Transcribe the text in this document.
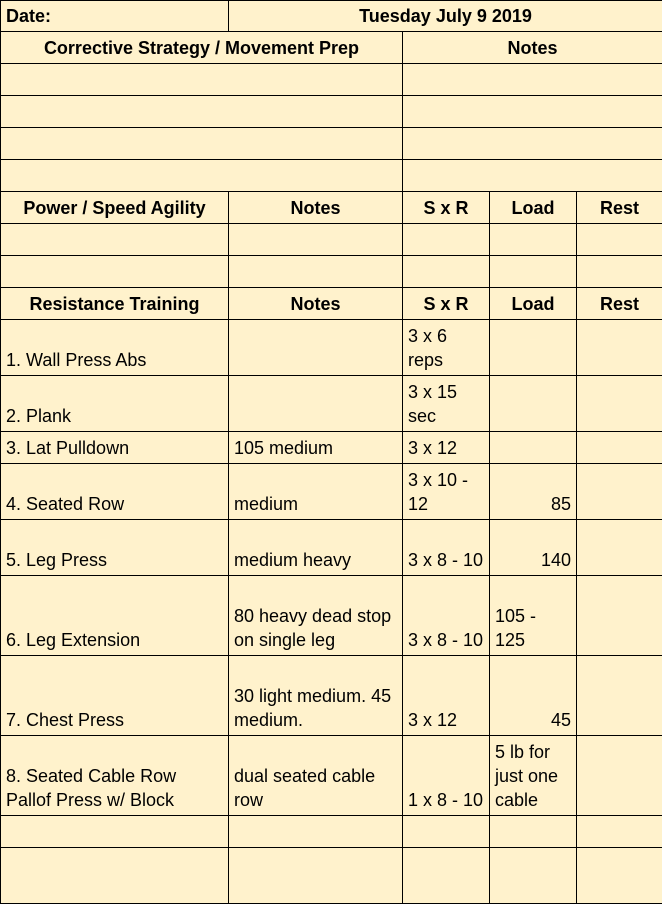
Date:	Tuesday July 9 2019			
Corrective Strategy / Movement Prep		Notes		

Power / Speed Agility	Notes	S x R	Load	Rest

Resistance Training	Notes	S x R	Load	Rest
1. Wall Press Abs		3 x 6 reps		
2. Plank		3 x 15 sec		
3. Lat Pulldown	105 medium	3 x 12		
4. Seated Row	medium	3 x 10 - 12	85	
5. Leg Press	medium heavy	3 x 8 - 10	140	
6. Leg Extension	80 heavy dead stop on single leg	3 x 8 - 10	105 - 125	
7. Chest Press	30 light medium. 45 medium.	3 x 12	45	
8. Seated Cable Row Pallof Press w/ Block	dual seated cable row	1 x 8 - 10	5 lb for just one cable	
